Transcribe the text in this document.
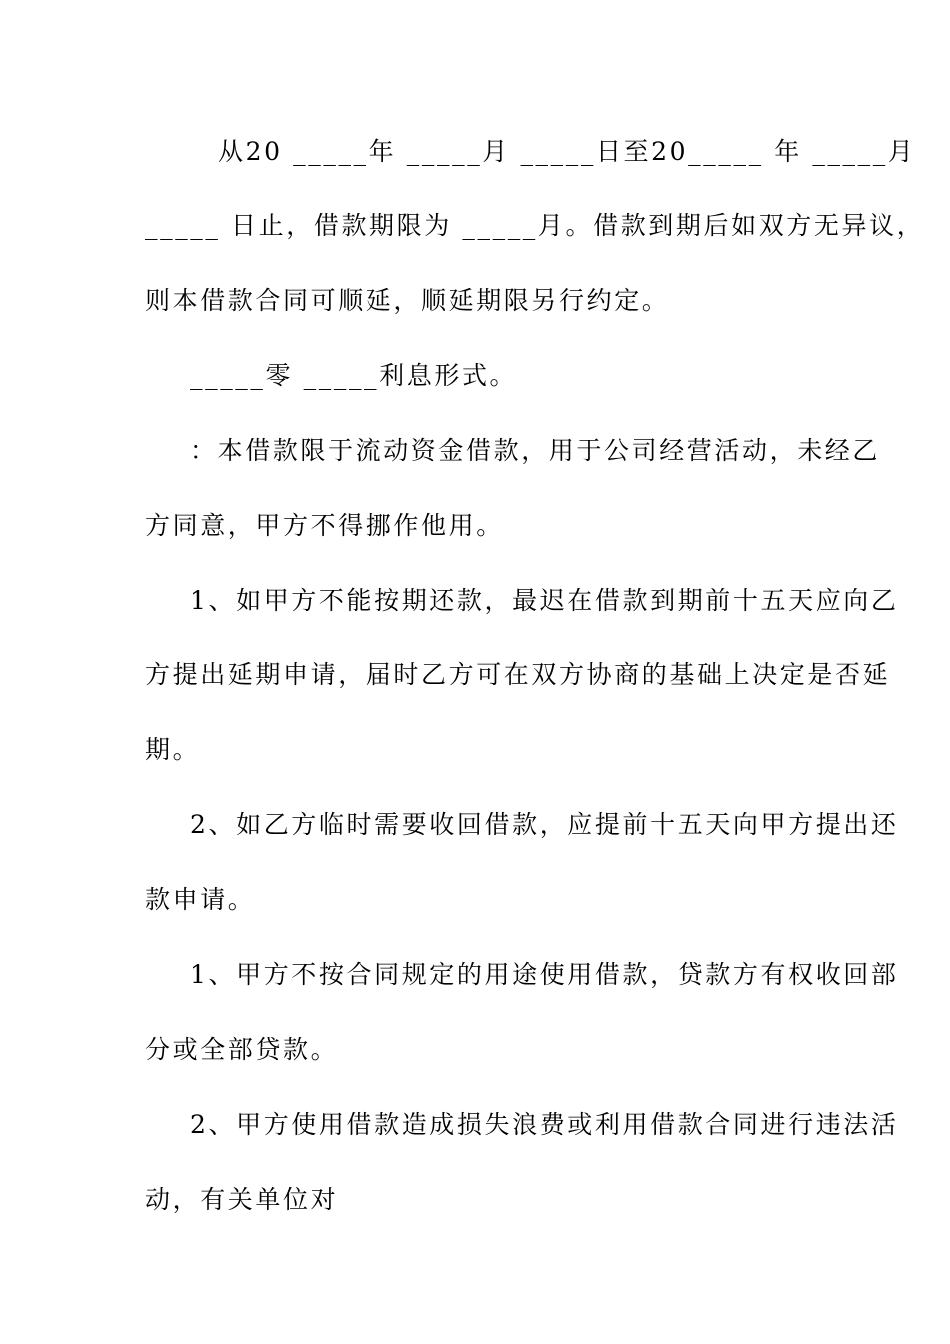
从20 _____年 _____月 _____日至20_____ 年 _____月
_____ 日止，借款期限为 _____月。借款到期后如双方无异议，
则本借款合同可顺延，顺延期限另行约定。
_____零 _____利息形式。
：本借款限于流动资金借款，用于公司经营活动，未经乙
方同意，甲方不得挪作他用。
1、如甲方不能按期还款，最迟在借款到期前十五天应向乙
方提出延期申请，届时乙方可在双方协商的基础上决定是否延
期。
2、如乙方临时需要收回借款，应提前十五天向甲方提出还
款申请。
1、甲方不按合同规定的用途使用借款，贷款方有权收回部
分或全部贷款。
2、甲方使用借款造成损失浪费或利用借款合同进行违法活
动，有关单位对
